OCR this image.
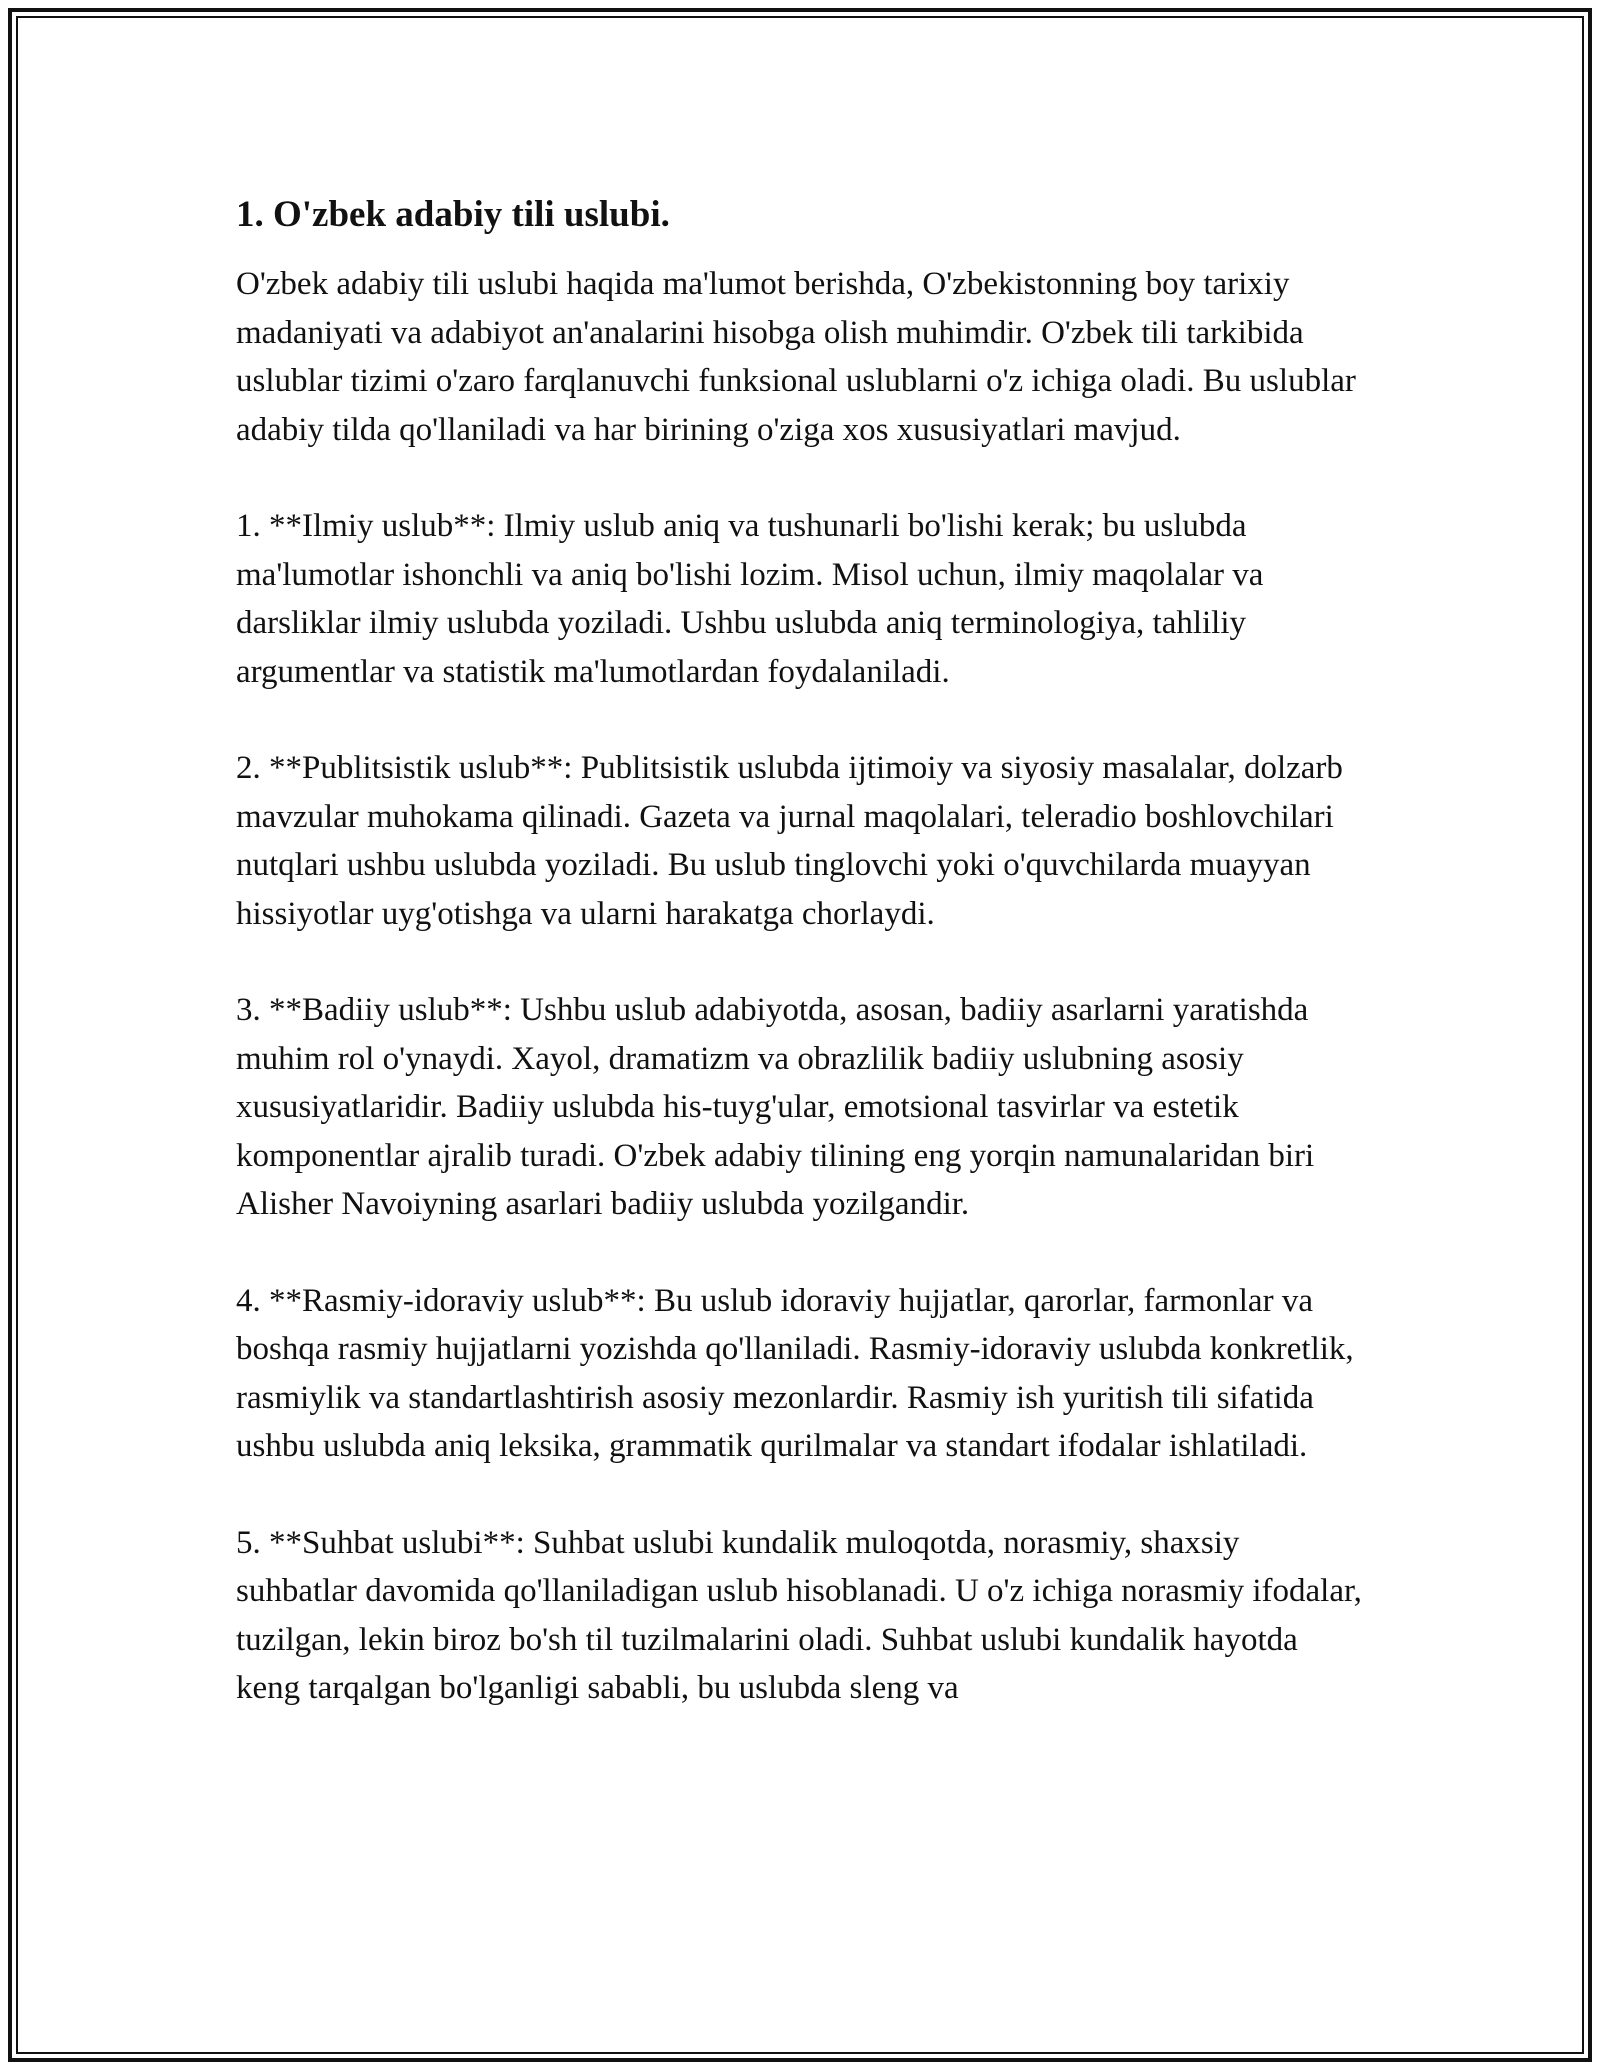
1. O'zbek adabiy tili uslubi.

O'zbek adabiy tili uslubi haqida ma'lumot berishda, O'zbekistonning boy tarixiy madaniyati va adabiyot an'analarini hisobga olish muhimdir. O'zbek tili tarkibida uslublar tizimi o'zaro farqlanuvchi funksional uslublarni o'z ichiga oladi. Bu uslublar adabiy tilda qo'llaniladi va har birining o'ziga xos xususiyatlari mavjud.

1. **Ilmiy uslub**: Ilmiy uslub aniq va tushunarli bo'lishi kerak; bu uslubda ma'lumotlar ishonchli va aniq bo'lishi lozim. Misol uchun, ilmiy maqolalar va darsliklar ilmiy uslubda yoziladi. Ushbu uslubda aniq terminologiya, tahliliy argumentlar va statistik ma'lumotlardan foydalaniladi.

2. **Publitsistik uslub**: Publitsistik uslubda ijtimoiy va siyosiy masalalar, dolzarb mavzular muhokama qilinadi. Gazeta va jurnal maqolalari, teleradio boshlovchilari nutqlari ushbu uslubda yoziladi. Bu uslub tinglovchi yoki o'quvchilarda muayyan hissiyotlar uyg'otishga va ularni harakatga chorlaydi.

3. **Badiiy uslub**: Ushbu uslub adabiyotda, asosan, badiiy asarlarni yaratishda muhim rol o'ynaydi. Xayol, dramatizm va obrazlilik badiiy uslubning asosiy xususiyatlaridir. Badiiy uslubda his-tuyg'ular, emotsional tasvirlar va estetik komponentlar ajralib turadi. O'zbek adabiy tilining eng yorqin namunalaridan biri Alisher Navoiyning asarlari badiiy uslubda yozilgandir.

4. **Rasmiy-idoraviy uslub**: Bu uslub idoraviy hujjatlar, qarorlar, farmonlar va boshqa rasmiy hujjatlarni yozishda qo'llaniladi. Rasmiy-idoraviy uslubda konkretlik, rasmiylik va standartlashtirish asosiy mezonlardir. Rasmiy ish yuritish tili sifatida ushbu uslubda aniq leksika, grammatik qurilmalar va standart ifodalar ishlatiladi.

5. **Suhbat uslubi**: Suhbat uslubi kundalik muloqotda, norasmiy, shaxsiy suhbatlar davomida qo'llaniladigan uslub hisoblanadi. U o'z ichiga norasmiy ifodalar, tuzilgan, lekin biroz bo'sh til tuzilmalarini oladi. Suhbat uslubi kundalik hayotda keng tarqalgan bo'lganligi sababli, bu uslubda sleng va
